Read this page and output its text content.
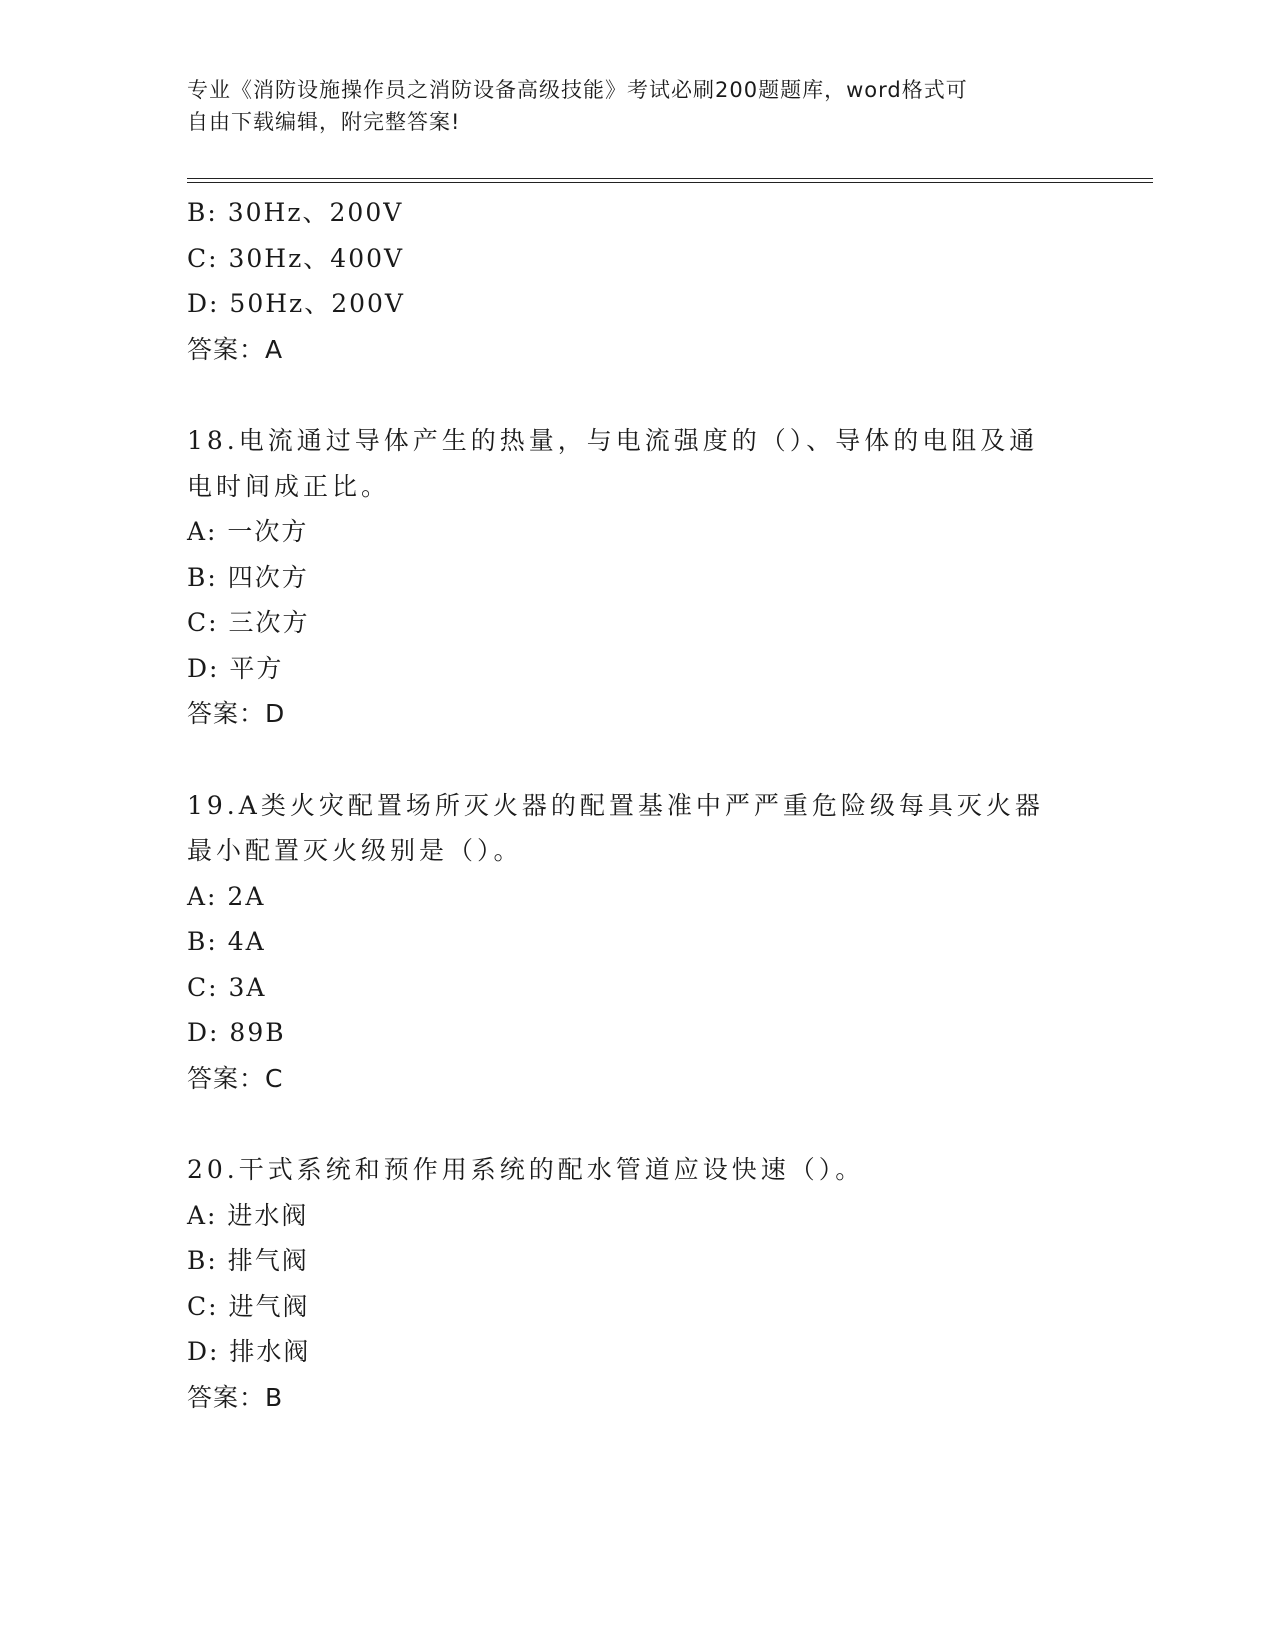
专业《消防设施操作员之消防设备高级技能》考试必刷200题题库，word格式可
自由下载编辑，附完整答案!
B: 30Hz、200V
C: 30Hz、400V
D: 50Hz、200V
答案：A
18.电流通过导体产生的热量，与电流强度的（）、导体的电阻及通电时间成正比。
A: 一次方
B: 四次方
C: 三次方
D: 平方
答案：D
19.A类火灾配置场所灭火器的配置基准中严严重危险级每具灭火器最小配置灭火级别是（）。
A: 2A
B: 4A
C: 3A
D: 89B
答案：C
20.干式系统和预作用系统的配水管道应设快速（）。
A: 进水阀
B: 排气阀
C: 进气阀
D: 排水阀
答案：B
